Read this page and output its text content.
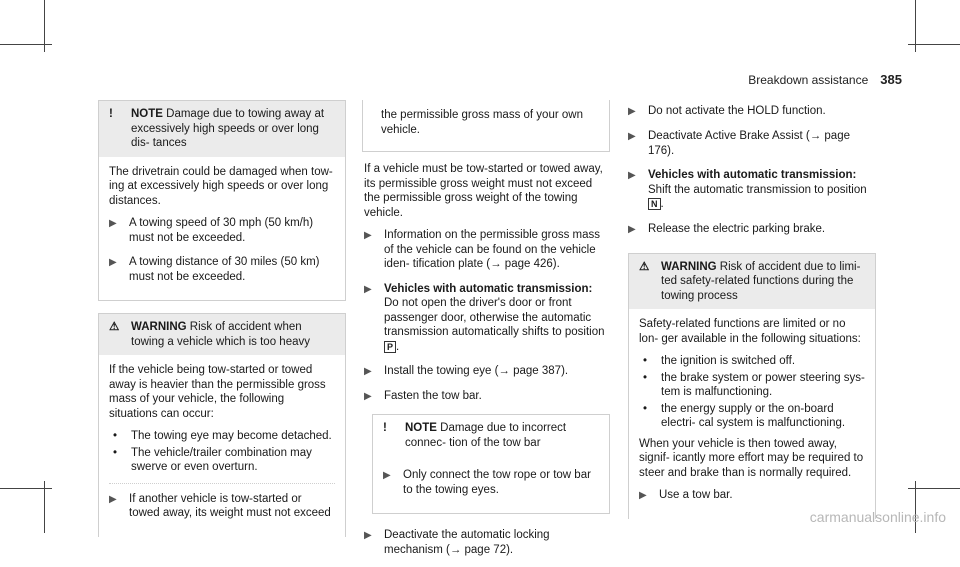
Breakdown assistance 385
!	NOTE Damage due to towing away at excessively high speeds or over long dis- tances

The drivetrain could be damaged when tow- ing at excessively high speeds or over long distances.

▶	A towing speed of 30 mph (50 km/h) must not be exceeded.
▶	A towing distance of 30 miles (50 km) must not be exceeded.
⚠	WARNING Risk of accident when towing a vehicle which is too heavy

If the vehicle being tow-started or towed away is heavier than the permissible gross mass of your vehicle, the following situations can occur:

•	The towing eye may become detached.
•	The vehicle/trailer combination may swerve or even overturn.
▶	If another vehicle is tow-started or towed away, its weight must not exceed

the permissible gross mass of your own vehicle.

If a vehicle must be tow-started or towed away, its permissible gross weight must not exceed the permissible gross weight of the towing vehicle.

▶	Information on the permissible gross mass of the vehicle can be found on the vehicle iden- tification plate (→ page 426).
▶	Vehicles with automatic transmission: Do not open the driver's door or front passenger door, otherwise the automatic transmission automatically shifts to position P .
▶	Install the towing eye (→ page 387).
▶	Fasten the tow bar.
!	NOTE Damage due to incorrect connec- tion of the tow bar
▶	Only connect the tow rope or tow bar to the towing eyes.
▶	Deactivate the automatic locking mechanism (→ page 72).
▶	Do not activate the HOLD function.
▶	Deactivate Active Brake Assist (→ page 176).
▶	Vehicles with automatic transmission:
Shift the automatic transmission to position N .
▶	Release the electric parking brake.
⚠	WARNING Risk of accident due to limi- ted safety-related functions during the towing process

Safety-related functions are limited or no lon- ger available in the following situations:

•	the ignition is switched off.
•	the brake system or power steering sys- tem is malfunctioning.
•	the energy supply or the on-board electri- cal system is malfunctioning.

When your vehicle is then towed away, signif- icantly more effort may be required to steer and brake than is normally required.

▶	Use a tow bar.
carmanualsonline.info
